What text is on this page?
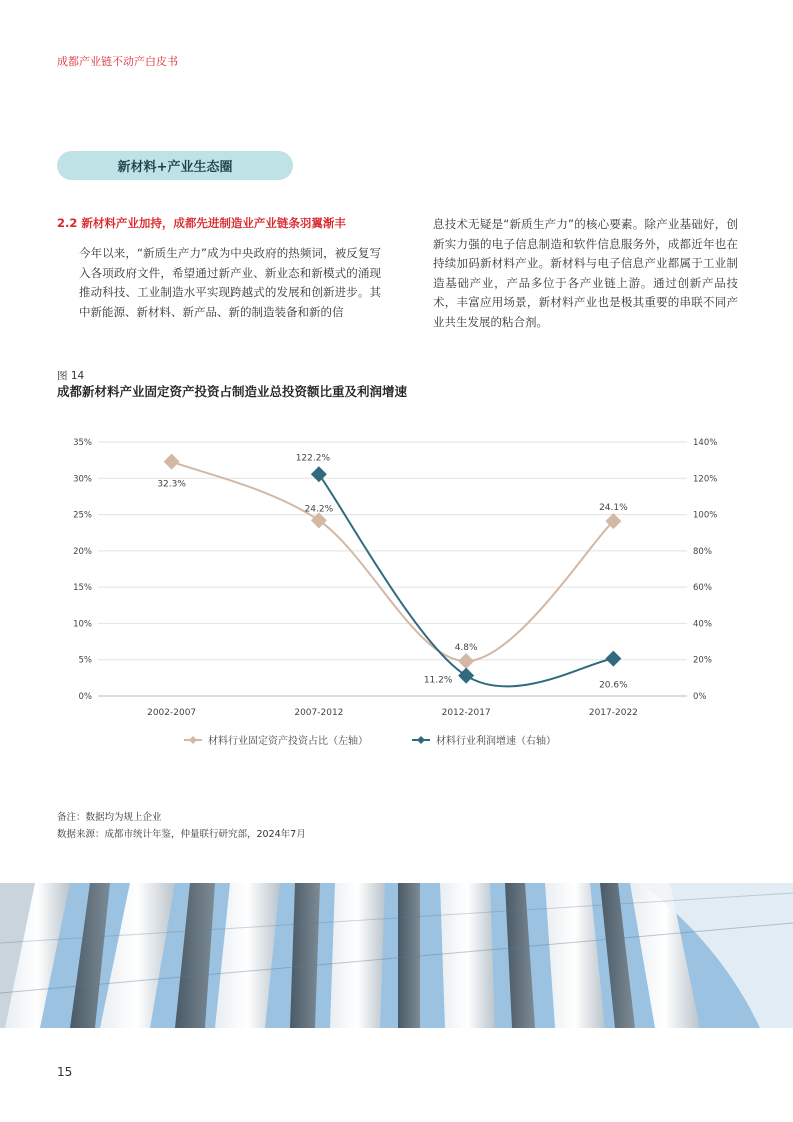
成都产业链不动产白皮书
新材料+产业生态圈
2.2 新材料产业加持，成都先进制造业产业链条羽翼渐丰
今年以来，“新质生产力”成为中央政府的热频词，被反复写入各项政府文件，希望通过新产业、新业态和新模式的涌现推动科技、工业制造水平实现跨越式的发展和创新进步。其中新能源、新材料、新产品、新的制造装备和新的信
息技术无疑是“新质生产力”的核心要素。除产业基础好，创新实力强的电子信息制造和软件信息服务外，成都近年也在持续加码新材料产业。新材料与电子信息产业都属于工业制造基础产业，产品多位于各产业链上游。通过创新产品技术，丰富应用场景，新材料产业也是极其重要的串联不同产业共生发展的粘合剂。
图 14
成都新材料产业固定资产投资占制造业总投资额比重及利润增速
0%
5%
10%
15%
20%
25%
30%
35%
0%
20%
40%
60%
80%
100%
120%
140%
2002-2007	2007-2012	2012-2017	2017-2022
32.3%
24.2%
4.8%
24.1%
122.2%
11.2%	20.6%
材料行业固定资产投资占比（左轴）	材料行业利润增速（右轴）
备注：数据均为规上企业
数据来源：成都市统计年鉴，仲量联行研究部，2024年7月
15
